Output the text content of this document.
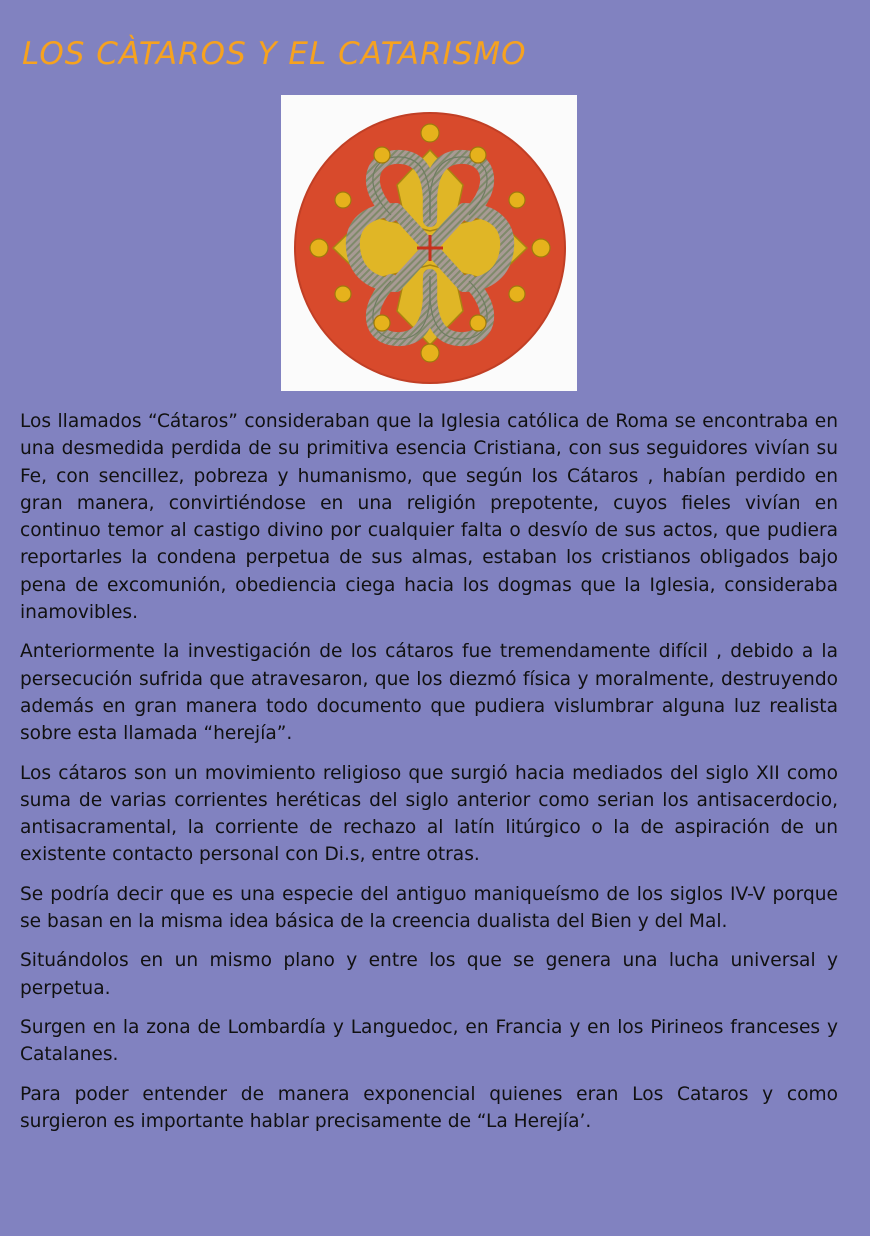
LOS CÀTAROS Y EL CATARISMO

Los llamados “Cátaros” consideraban que la Iglesia católica de Roma se encontraba en una desmedida perdida de su primitiva esencia Cristiana, con sus seguidores vivían su Fe, con sencillez, pobreza y humanismo, que según los Cátaros , habían perdido en gran manera, convirtiéndose en una religión prepotente, cuyos fieles vivían en continuo temor al castigo divino por cualquier falta o desvío de sus actos, que pudiera reportarles la condena perpetua de sus almas, estaban los cristianos obligados bajo pena de excomunión, obediencia ciega hacia los dogmas que la Iglesia, consideraba inamovibles.

Anteriormente la investigación de los cátaros fue tremendamente difícil , debido a la persecución sufrida que atravesaron, que los diezmó física y moralmente, destruyendo además en gran manera todo documento que pudiera vislumbrar alguna luz realista sobre esta llamada “herejía”.

Los cátaros son un movimiento religioso que surgió hacia mediados del siglo XII como suma de varias corrientes heréticas del siglo anterior como serian los antisacerdocio, antisacramental, la corriente de rechazo al latín litúrgico o la de aspiración de un existente contacto personal con Di.s, entre otras.

Se podría decir que es una especie del antiguo maniqueísmo de los siglos IV-V porque se basan en la misma idea básica de la creencia dualista del Bien y del Mal.

Situándolos en un mismo plano y entre los que se genera una lucha universal y perpetua.

Surgen en la zona de Lombardía y Languedoc, en Francia y en los Pirineos franceses y Catalanes.

Para poder entender de manera exponencial quienes eran Los Cataros y como surgieron es importante hablar precisamente de “La Herejía’.
